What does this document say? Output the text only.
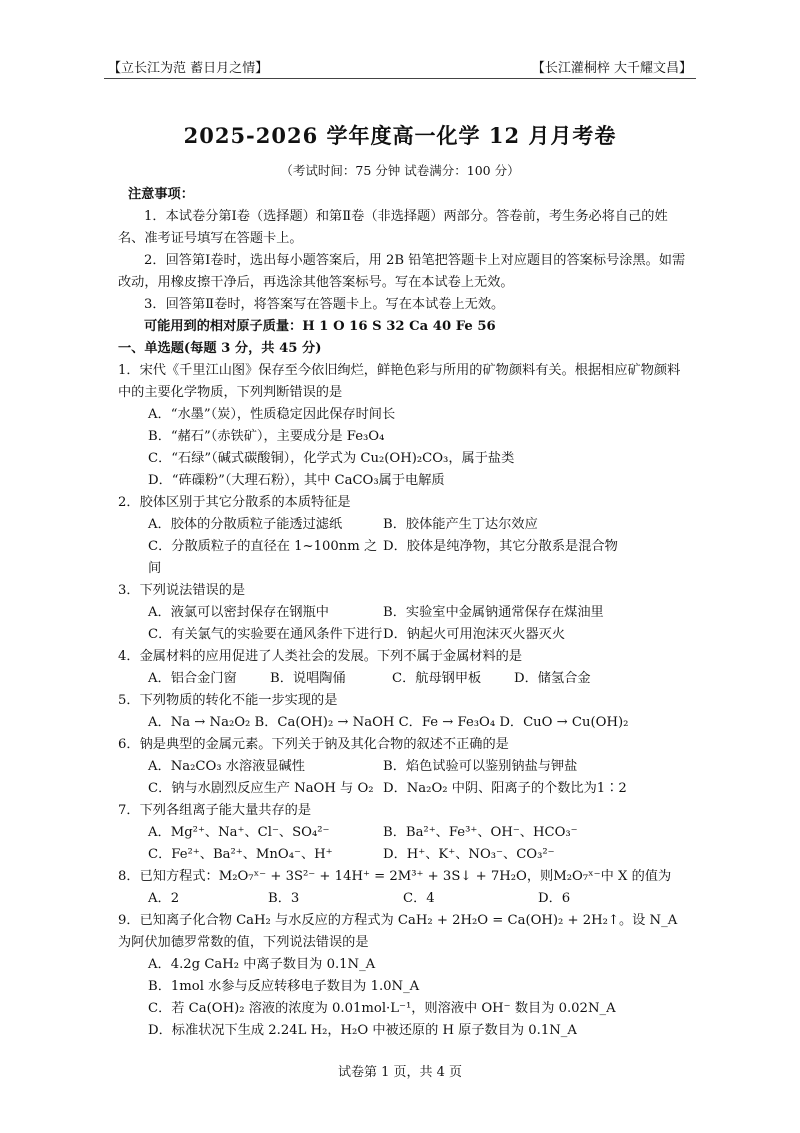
【立长江为范 蓄日月之情】	【长江灌桐梓 大千耀文昌】
2025-2026 学年度高一化学 12 月月考卷
（考试时间：75 分钟 试卷满分：100 分）
注意事项：

1．本试卷分第Ⅰ卷（选择题）和第Ⅱ卷（非选择题）两部分。答卷前，考生务必将自己的姓名、准考证号填写在答题卡上。

2．回答第Ⅰ卷时，选出每小题答案后，用 2B 铅笔把答题卡上对应题目的答案标号涂黑。如需改动，用橡皮擦干净后，再选涂其他答案标号。写在本试卷上无效。

3．回答第Ⅱ卷时，将答案写在答题卡上。写在本试卷上无效。

可能用到的相对原子质量：H 1 O 16 S 32 Ca 40 Fe 56

一、单选题(每题 3 分，共 45 分)

1．宋代《千里江山图》保存至今依旧绚烂，鲜艳色彩与所用的矿物颜料有关。根据相应矿物颜料中的主要化学物质，下列判断错误的是

A．“水墨”（炭），性质稳定因此保存时间长

B．“赭石”（赤铁矿），主要成分是 Fe₃O₄

C．“石绿”（碱式碳酸铜），化学式为 Cu₂(OH)₂CO₃，属于盐类

D．“砗磲粉”（大理石粉），其中 CaCO₃属于电解质

2．胶体区别于其它分散系的本质特征是

A．胶体的分散质粒子能透过滤纸	B．胶体能产生丁达尔效应
C．分散质粒子的直径在 1~100nm 之间
D．胶体是纯净物，其它分散系是混合物

3．下列说法错误的是

A．液氯可以密封保存在钢瓶中	B．实验室中金属钠通常保存在煤油里
C．有关氯气的实验要在通风条件下进行 D．钠起火可用泡沫灭火器灭火

4．金属材料的应用促进了人类社会的发展。下列不属于金属材料的是

A．铝合金门窗	B．说唱陶俑	C．航母钢甲板	D．储氢合金

5．下列物质的转化不能一步实现的是

A．Na → Na₂O₂ B．Ca(OH)₂ → NaOH C．Fe → Fe₃O₄ D．CuO → Cu(OH)₂

6．钠是典型的金属元素。下列关于钠及其化合物的叙述不正确的是

A．Na₂CO₃ 水溶液显碱性	B．焰色试验可以鉴别钠盐与钾盐
C．钠与水剧烈反应生产 NaOH 与 O₂ D．Na₂O₂ 中阴、阳离子的个数比为1∶2

7．下列各组离子能大量共存的是

A．Mg²⁺、Na⁺、Cl⁻、SO₄²⁻	B．Ba²⁺、Fe³⁺、OH⁻、HCO₃⁻
C．Fe²⁺、Ba²⁺、MnO₄⁻、H⁺	D．H⁺、K⁺、NO₃⁻、CO₃²⁻

8．已知方程式：M₂O₇ˣ⁻ + 3S²⁻ + 14H⁺ = 2M³⁺ + 3S↓ + 7H₂O，则M₂O₇ˣ⁻中 X 的值为

A．2	B．3	C．4	D．6

9．已知离子化合物 CaH₂ 与水反应的方程式为 CaH₂ + 2H₂O = Ca(OH)₂ + 2H₂↑。设 N_A 为阿伏加德罗常数的值，下列说法错误的是

A．4.2g CaH₂ 中离子数目为 0.1N_A

B．1mol 水参与反应转移电子数目为 1.0N_A

C．若 Ca(OH)₂ 溶液的浓度为 0.01mol·L⁻¹，则溶液中 OH⁻ 数目为 0.02N_A

D．标准状况下生成 2.24L H₂，H₂O 中被还原的 H 原子数目为 0.1N_A

试卷第 1 页，共 4 页
